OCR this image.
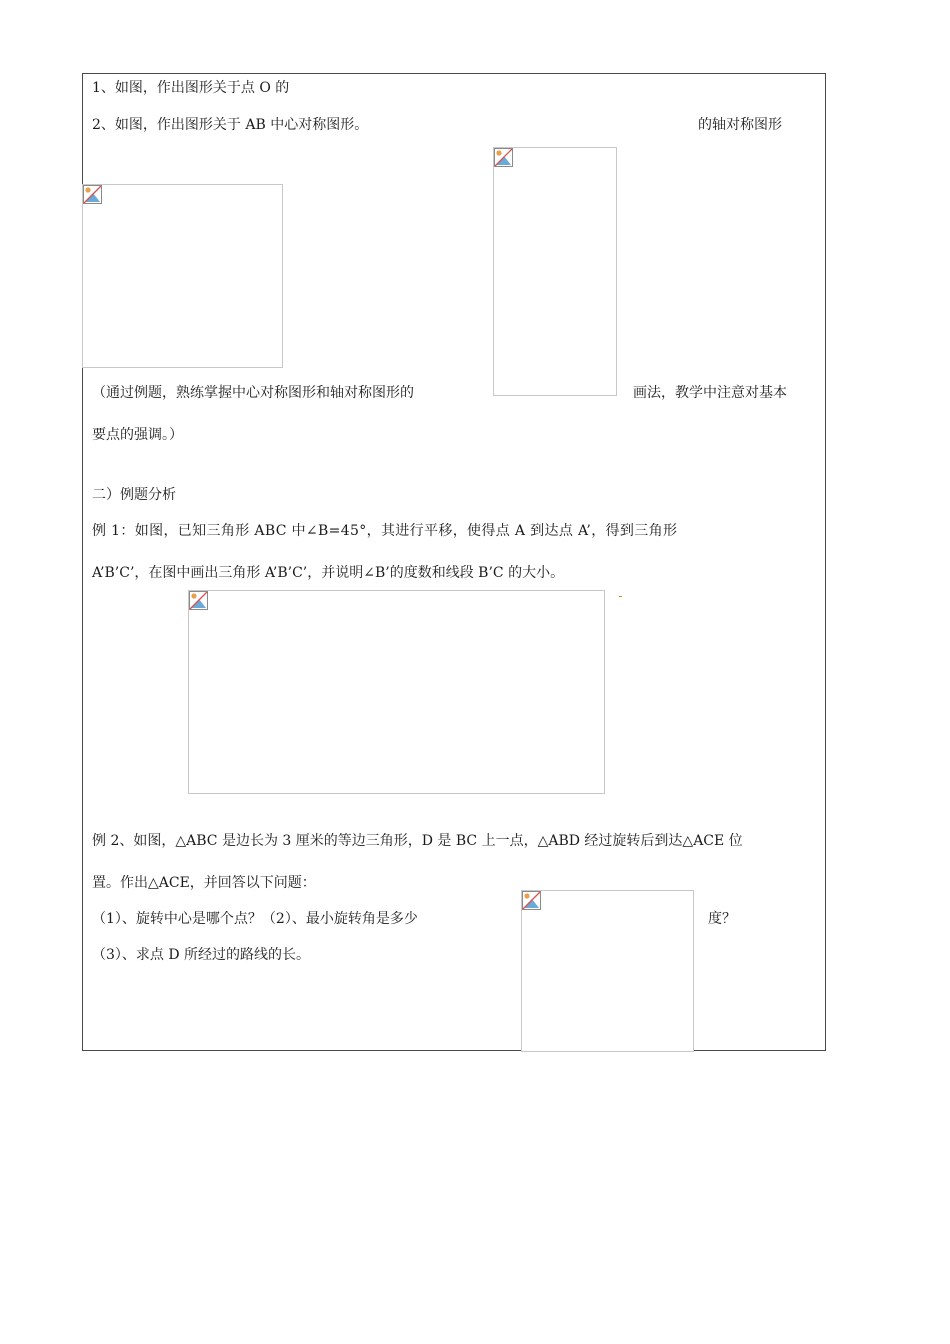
1、如图，作出图形关于点 O 的
2、如图，作出图形关于 AB 中心对称图形。	的轴对称图形
（通过例题，熟练掌握中心对称图形和轴对称图形的	画法，教学中注意对基本
要点的强调。）
二）例题分析
例 1：如图，已知三角形 ABC 中∠B=45°，其进行平移，使得点 A 到达点 A’，得到三角形
A’B’C’，在图中画出三角形 A’B’C’，并说明∠B’的度数和线段 B’C 的大小。
例 2、如图，△ABC 是边长为 3 厘米的等边三角形，D 是 BC 上一点，△ABD 经过旋转后到达△ACE 位
置。作出△ACE，并回答以下问题：
（1）、旋转中心是哪个点？（2）、最小旋转角是多少	度？
（3）、求点 D 所经过的路线的长。
